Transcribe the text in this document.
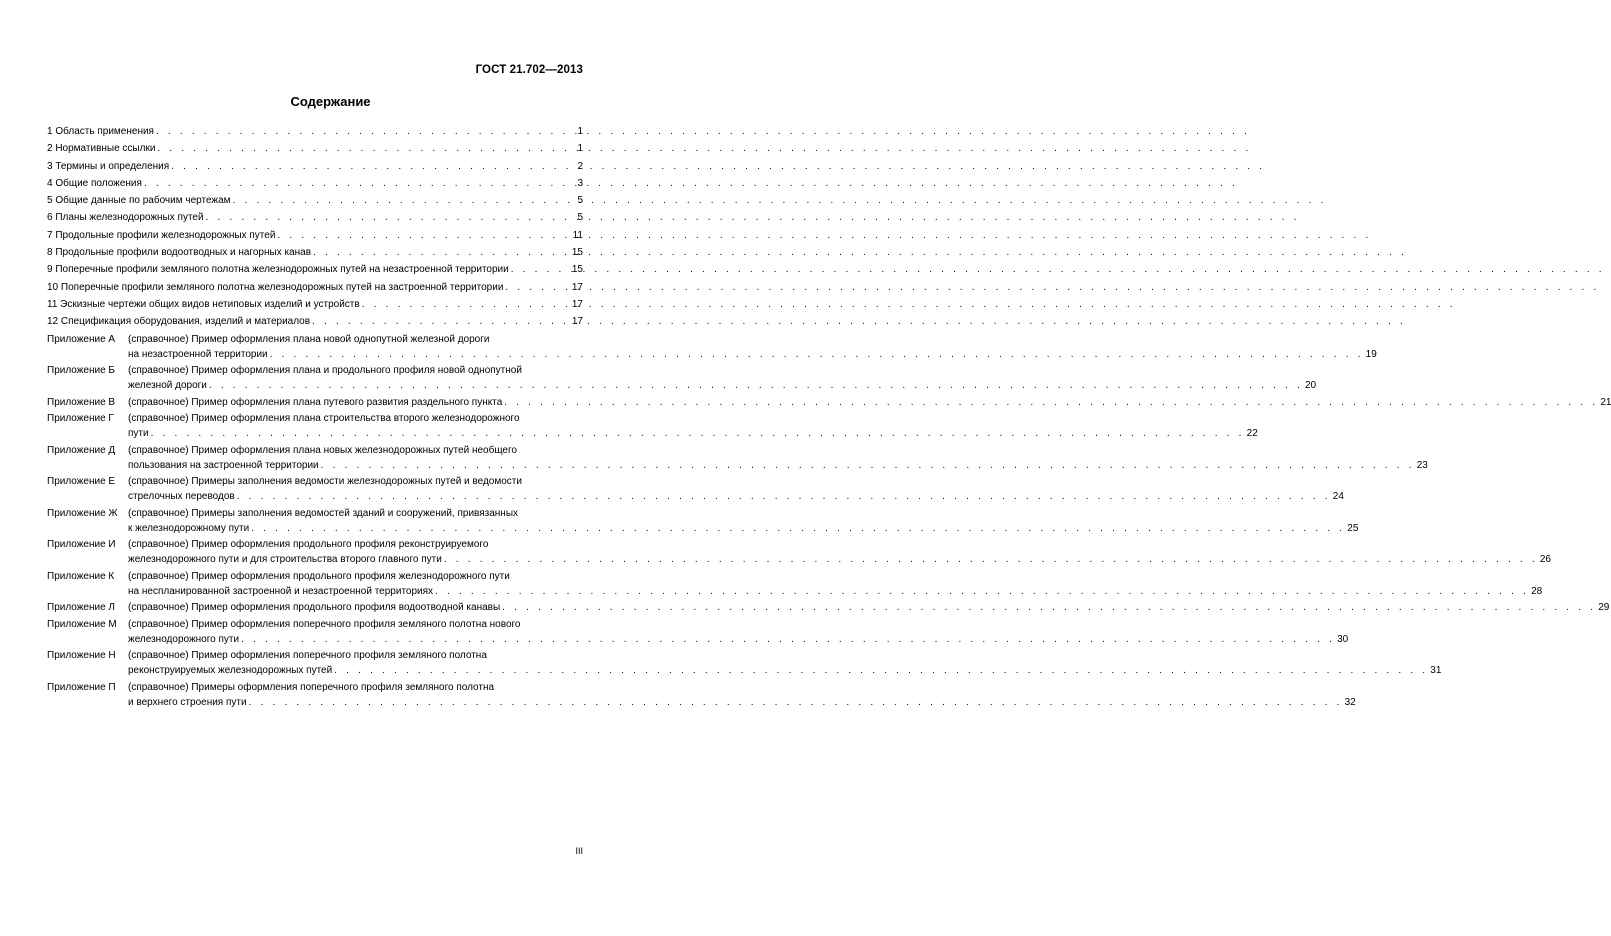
ГОСТ 21.702—2013
Содержание
1 Область применения . . .	1
2 Нормативные ссылки . . .	1
3 Термины и определения . . .	2
4 Общие положения . . .	3
5 Общие данные по рабочим чертежам . . .	5
6 Планы железнодорожных путей . . .	5
7 Продольные профили железнодорожных путей . . .	11
8 Продольные профили водоотводных и нагорных канав . . .	15
9 Поперечные профили земляного полотна железнодорожных путей на незастроенной территории . . .	15
10 Поперечные профили земляного полотна железнодорожных путей на застроенной территории . . .	17
11 Эскизные чертежи общих видов нетиповых изделий и устройств . . .	17
12 Спецификация оборудования, изделий и материалов . . .	17
Приложение А	(справочное) Пример оформления плана новой однопутной железной дороги
на незастроенной территории . . .	19
Приложение Б	(справочное) Пример оформления плана и продольного профиля новой однопутной
железной дороги . . .	20
Приложение В	(справочное) Пример оформления плана путевого развития раздельного пункта . . .	21
Приложение Г	(справочное) Пример оформления плана строительства второго железнодорожного
пути . . .	22
Приложение Д	(справочное) Пример оформления плана новых железнодорожных путей необщего
пользования на застроенной территории . . .	23
Приложение Е	(справочное) Примеры заполнения ведомости железнодорожных путей и ведомости
стрелочных переводов . . .	24
Приложение Ж	(справочное) Примеры заполнения ведомостей зданий и сооружений, привязанных
к железнодорожному пути . . .	25
Приложение И	(справочное) Пример оформления продольного профиля реконструируемого
железнодорожного пути и для строительства второго главного пути . . .	26
Приложение К	(справочное) Пример оформления продольного профиля железнодорожного пути
на неспланированной застроенной и незастроенной территориях . . .	28
Приложение Л	(справочное) Пример оформления продольного профиля водоотводной канавы . . .	29
Приложение М	(справочное) Пример оформления поперечного профиля земляного полотна нового
железнодорожного пути . . .	30
Приложение Н	(справочное) Пример оформления поперечного профиля земляного полотна
реконструируемых железнодорожных путей . . .	31
Приложение П	(справочное) Примеры оформления поперечного профиля земляного полотна
и верхнего строения пути . . .	32
III
